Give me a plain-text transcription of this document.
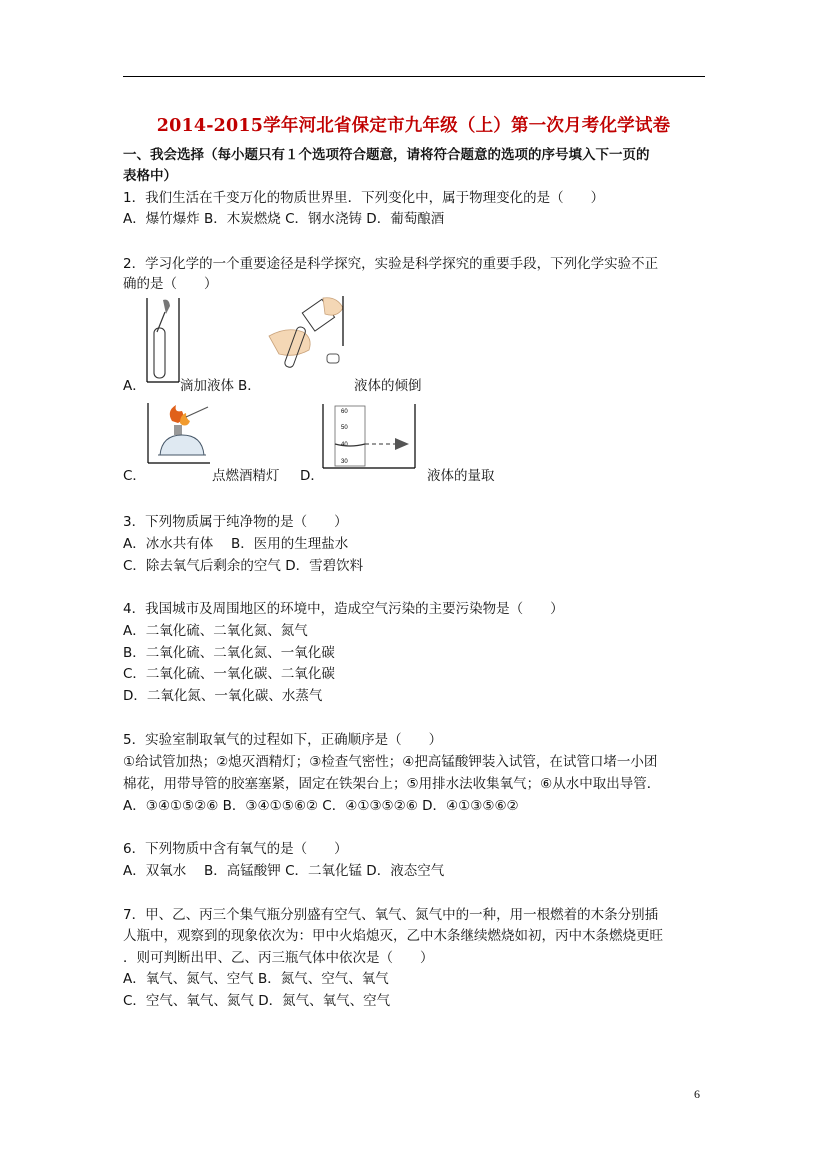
2014-2015学年河北省保定市九年级（上）第一次月考化学试卷
一、我会选择（每小题只有１个选项符合题意，请将符合题意的选项的序号填入下一页的
表格中）
1．我们生活在千变万化的物质世界里．下列变化中，属于物理变化的是（　　）
A．爆竹爆炸 B．木炭燃烧 C．钢水浇铸 D．葡萄酿酒
2．学习化学的一个重要途径是科学探究，实验是科学探究的重要手段，下列化学实验不正
确的是（　　）
A．	滴加液体 B．	液体的倾倒
C．	点燃酒精灯
60
50
40
30
D．	液体的量取
3．下列物质属于纯净物的是（　　）
A．冰水共有体　 B．医用的生理盐水
C．除去氧气后剩余的空气 D．雪碧饮料
4．我国城市及周围地区的环境中，造成空气污染的主要污染物是（　　）
A．二氧化硫、二氧化氮、氮气
B．二氧化硫、二氧化氮、一氧化碳
C．二氧化硫、一氧化碳、二氧化碳
D．二氧化氮、一氧化碳、水蒸气
5．实验室制取氧气的过程如下，正确顺序是（　　）
①给试管加热；②熄灭酒精灯；③检查气密性；④把高锰酸钾装入试管，在试管口堵一小团
棉花，用带导管的胶塞塞紧，固定在铁架台上；⑤用排水法收集氧气；⑥从水中取出导管．
A．③④①⑤②⑥ B．③④①⑤⑥② C．④①③⑤②⑥ D．④①③⑤⑥②
6．下列物质中含有氧气的是（　　）
A．双氧水　 B．高锰酸钾 C．二氧化锰 D．液态空气
7．甲、乙、丙三个集气瓶分别盛有空气、氧气、氮气中的一种，用一根燃着的木条分别插
人瓶中，观察到的现象依次为：甲中火焰熄灭，乙中木条继续燃烧如初，丙中木条燃烧更旺
．则可判断出甲、乙、丙三瓶气体中依次是（　　）
A．氧气、氮气、空气 B．氮气、空气、氧气
C．空气、氧气、氮气 D．氮气、氧气、空气
6
